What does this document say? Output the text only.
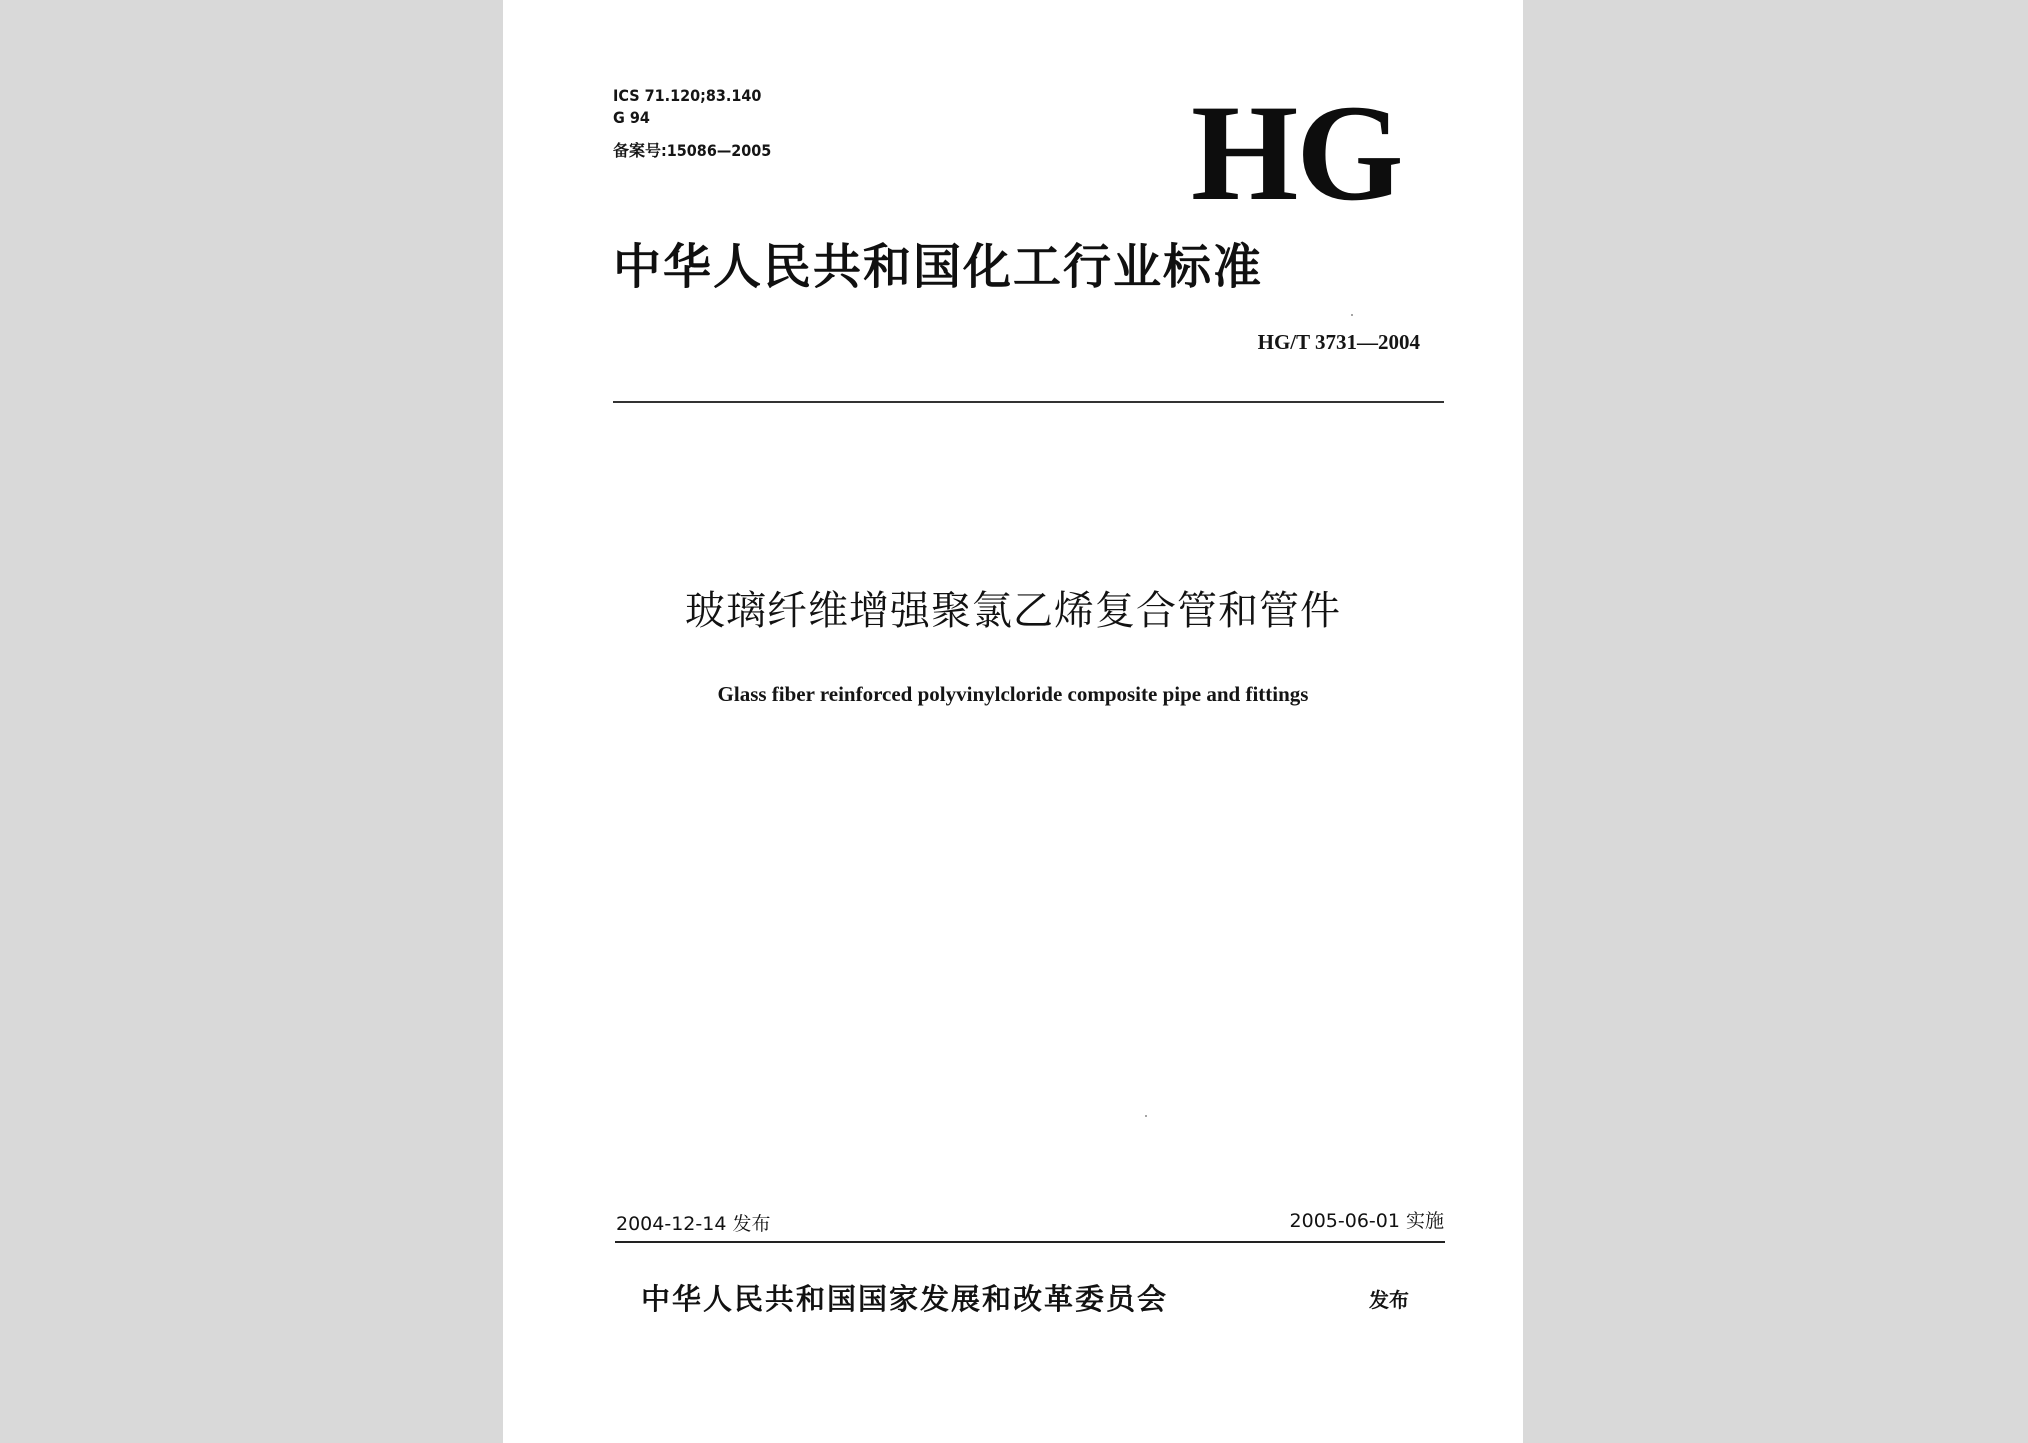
ICS 71.120;83.140
G 94
备案号:15086—2005	HG
中华人民共和国化工行业标准
HG/T 3731—2004
玻璃纤维增强聚氯乙烯复合管和管件
Glass fiber reinforced polyvinylcloride composite pipe and fittings
2004-12-14 发布	2005-06-01 实施
中华人民共和国国家发展和改革委员会	发布
